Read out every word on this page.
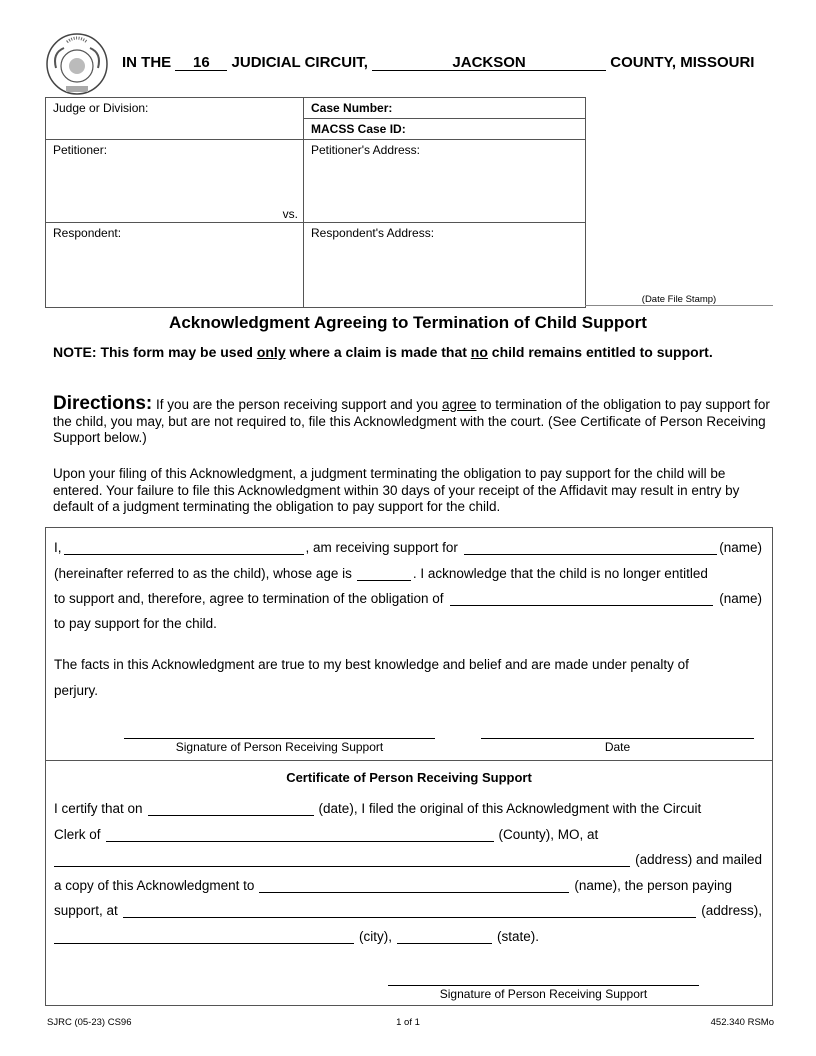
IN THE 16 JUDICIAL CIRCUIT,	JACKSON	COUNTY, MISSOURI
Judge or Division:	Case Number:
	MACSS Case ID:
Petitioner:
vs.	Petitioner's Address:
Respondent:	Respondent's Address:
(Date File Stamp)
Acknowledgment Agreeing to Termination of Child Support
NOTE: This form may be used only where a claim is made that no child remains entitled to support.
Directions: If you are the person receiving support and you agree to termination of the obligation to pay support for the child, you may, but are not required to, file this Acknowledgment with the court. (See Certificate of Person Receiving Support below.)
Upon your filing of this Acknowledgment, a judgment terminating the obligation to pay support for the child will be entered. Your failure to file this Acknowledgment within 30 days of your receipt of the Affidavit may result in entry by default of a judgment terminating the obligation to pay support for the child.
I,	, am receiving support for	(name)
(hereinafter referred to as the child), whose age is	. I acknowledge that the child is no longer entitled
to support and, therefore, agree to termination of the obligation of	(name)
to pay support for the child.
The facts in this Acknowledgment are true to my best knowledge and belief and are made under penalty of
perjury.
Signature of Person Receiving Support	Date
Certificate of Person Receiving Support
I certify that on	(date), I filed the original of this Acknowledgment with the Circuit
Clerk of	(County), MO, at
(address) and mailed
a copy of this Acknowledgment to	(name), the person paying
support, at	(address),
(city),	(state).
Signature of Person Receiving Support
SJRC (05-23) CS96	1 of 1	452.340 RSMo
